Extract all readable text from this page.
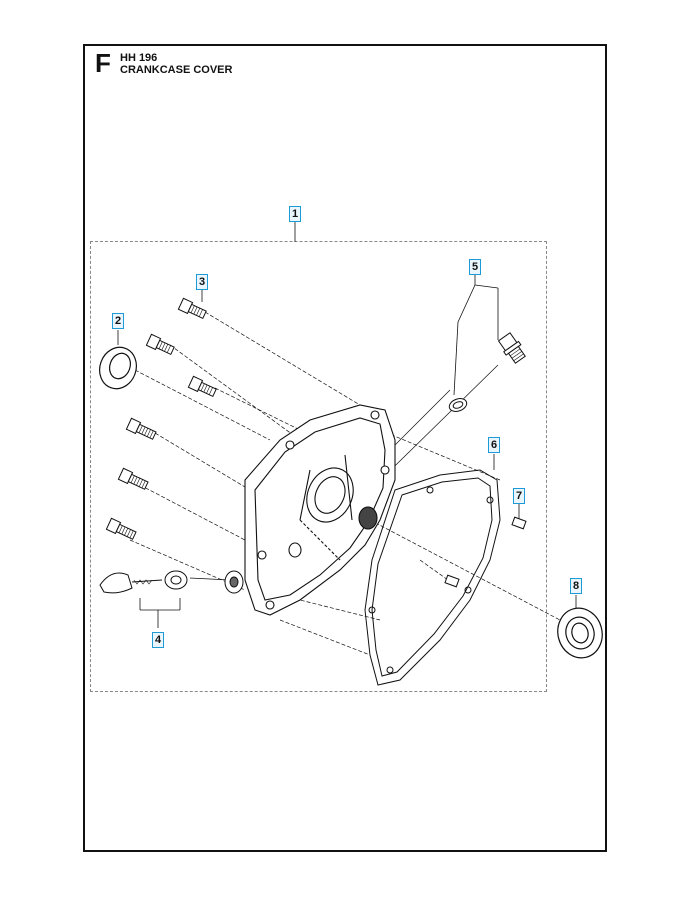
F HH 196
CRANKCASE COVER
1
2
3
4
5
6
7
8
